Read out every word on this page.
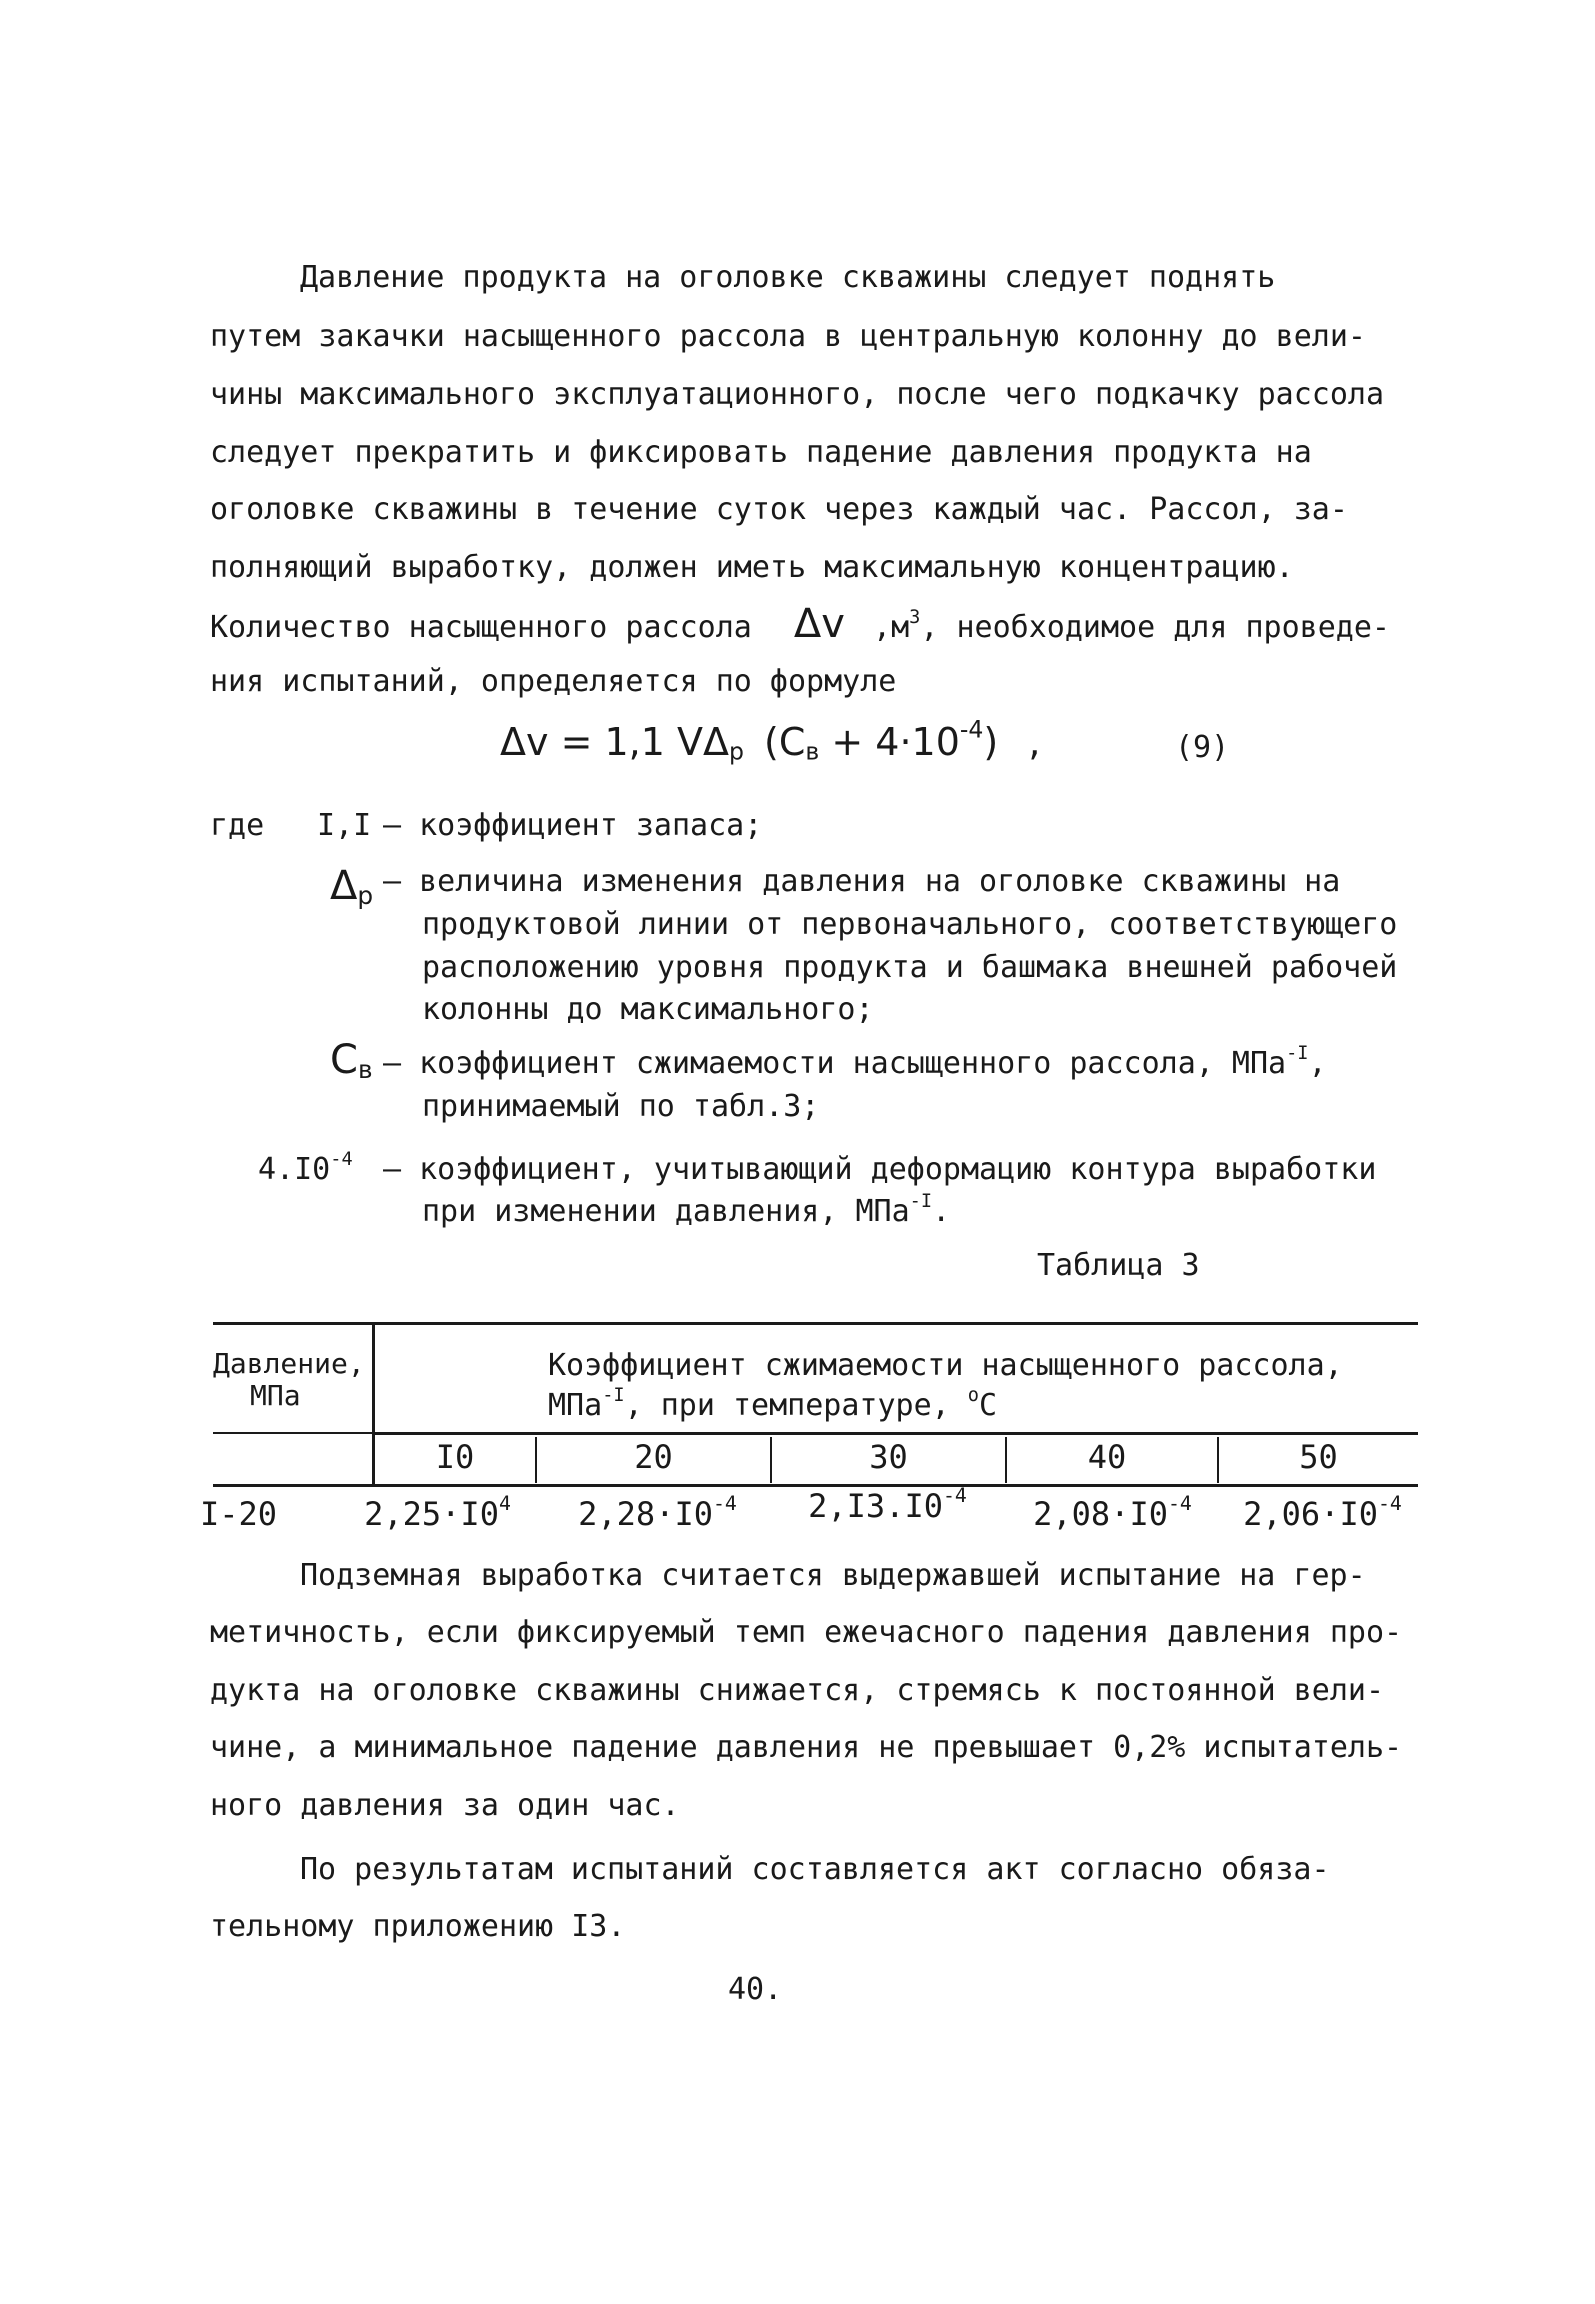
Давление продукта на оголовке скважины следует поднять
путем закачки насыщенного рассола в центральную колонну до вели-
чины максимального эксплуатационного, после чего подкачку рассола
следует прекратить и фиксировать падение давления продукта на
оголовке скважины в течение суток через каждый час. Рассол, за-
полняющий выработку, должен иметь максимальную концентрацию.
Количество насыщенного рассола Δv $,м^3$, необходимое для проведе-
ния испытаний, определяется по формуле
Δv = 1,1 $V\Delta_p$ $(C_в + 4\cdot 10^{-4})$ ,	(9)
где I,I – коэффициент запаса;
$\Delta_р$ – величина изменения давления на оголовке скважины на
продуктовой линии от первоначального, соответствующего
расположению уровня продукта и башмака внешней рабочей
колонны до максимального;
$С_в$ – коэффициент сжимаемости насыщенного рассола, МПа$^{-I}$,
принимаемый по табл.3;
$4.I0^{-4}$ – коэффициент, учитывающий деформацию контура выработки
при изменении давления, МПа$^{-I}$.
Таблица 3
Давление,
МПа
Коэффициент сжимаемости насыщенного рассола,
МПа$^{-I}$, при температуре, $^о$С
I0	20	30	40	50
I-20	$2,25\cdot I0^4$	$2,28\cdot I0^{-4}$	$2,I3.I0^{-4}$	$2,08\cdot I0^{-4}$	$2,06\cdot I0^{-4}$
Подземная выработка считается выдержавшей испытание на гер-
метичность, если фиксируемый темп ежечасного падения давления про-
дукта на оголовке скважины снижается, стремясь к постоянной вели-
чине, а минимальное падение давления не превышает 0,2% испытатель-
ного давления за один час.
По результатам испытаний составляется акт согласно обяза-
тельному приложению I3.
40.
